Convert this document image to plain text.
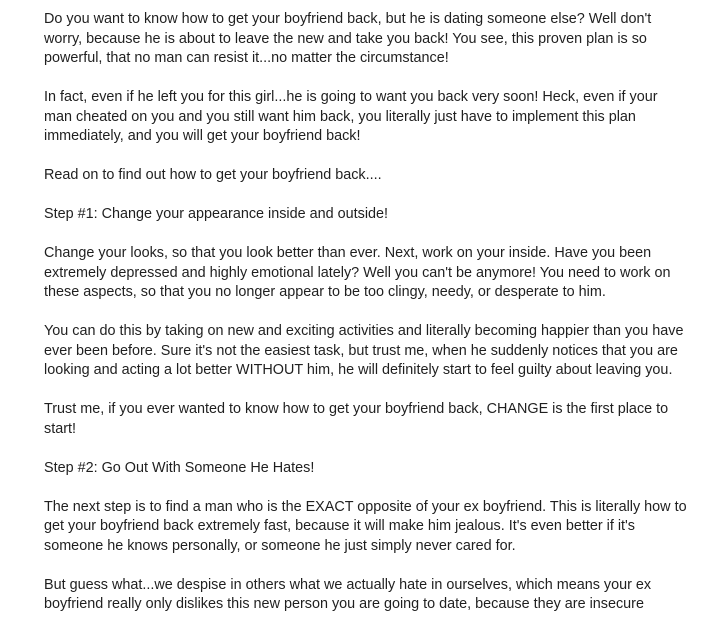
Do you want to know how to get your boyfriend back, but he is dating someone else? Well don't worry, because he is about to leave the new and take you back! You see, this proven plan is so powerful, that no man can resist it...no matter the circumstance!

In fact, even if he left you for this girl...he is going to want you back very soon! Heck, even if your man cheated on you and you still want him back, you literally just have to implement this plan immediately, and you will get your boyfriend back!

Read on to find out how to get your boyfriend back....

Step #1: Change your appearance inside and outside!

Change your looks, so that you look better than ever. Next, work on your inside. Have you been extremely depressed and highly emotional lately? Well you can't be anymore! You need to work on these aspects, so that you no longer appear to be too clingy, needy, or desperate to him.

You can do this by taking on new and exciting activities and literally becoming happier than you have ever been before. Sure it's not the easiest task, but trust me, when he suddenly notices that you are looking and acting a lot better WITHOUT him, he will definitely start to feel guilty about leaving you.

Trust me, if you ever wanted to know how to get your boyfriend back, CHANGE is the first place to start!

Step #2: Go Out With Someone He Hates!

The next step is to find a man who is the EXACT opposite of your ex boyfriend. This is literally how to get your boyfriend back extremely fast, because it will make him jealous. It's even better if it's someone he knows personally, or someone he just simply never cared for.

But guess what...we despise in others what we actually hate in ourselves, which means your ex boyfriend really only dislikes this new person you are going to date, because they are insecure
